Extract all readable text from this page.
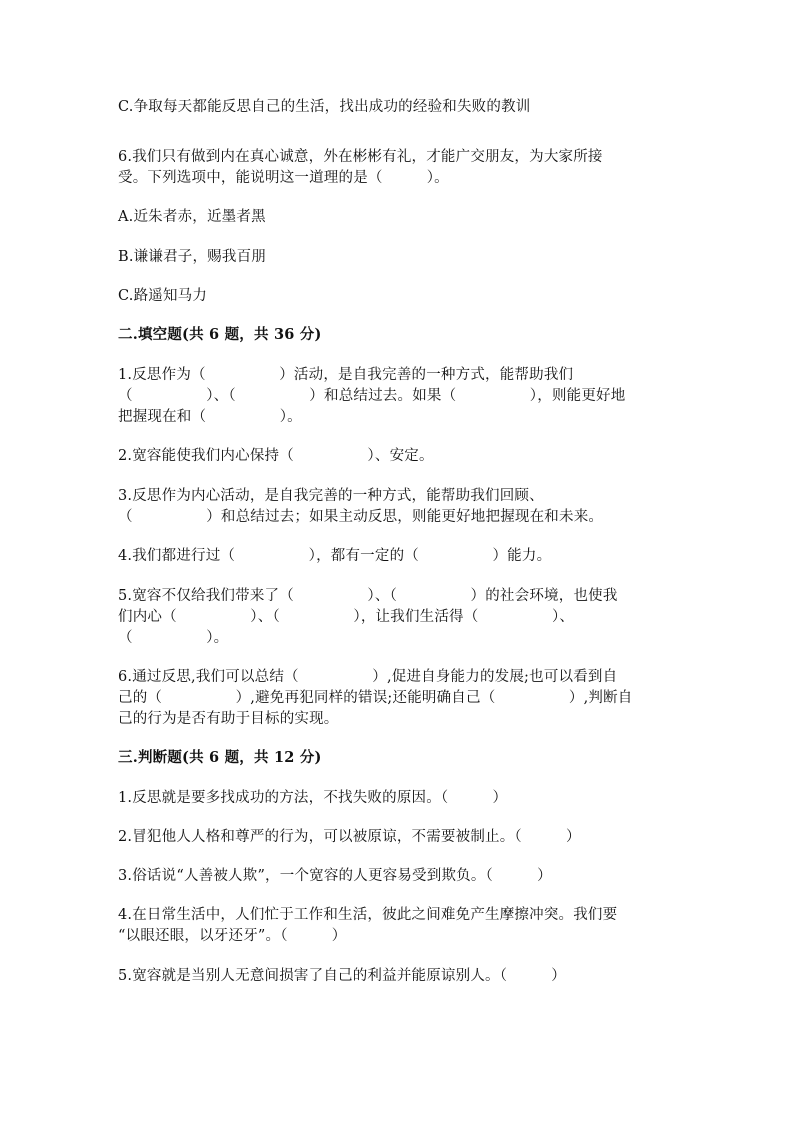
C.争取每天都能反思自己的生活，找出成功的经验和失败的教训
6.我们只有做到内在真心诚意，外在彬彬有礼，才能广交朋友，为大家所接
受。下列选项中，能说明这一道理的是（　　　）。
A.近朱者赤，近墨者黑
B.谦谦君子，赐我百朋
C.路遥知马力
二.填空题(共 6 题，共 36 分)
1.反思作为（　　　　　）活动，是自我完善的一种方式，能帮助我们
（　　　　　）、（　　　　　）和总结过去。如果（　　　　　），则能更好地
把握现在和（　　　　　）。
2.宽容能使我们内心保持（　　　　　）、安定。
3.反思作为内心活动，是自我完善的一种方式，能帮助我们回顾、
（　　　　　）和总结过去；如果主动反思，则能更好地把握现在和未来。
4.我们都进行过（　　　　　），都有一定的（　　　　　）能力。
5.宽容不仅给我们带来了（　　　　　）、（　　　　　）的社会环境，也使我
们内心（　　　　　）、（　　　　　），让我们生活得（　　　　　）、
（　　　　　）。
6.通过反思,我们可以总结（　　　　　）,促进自身能力的发展;也可以看到自
己的（　　　　　）,避免再犯同样的错误;还能明确自己（　　　　　）,判断自
己的行为是否有助于目标的实现。
三.判断题(共 6 题，共 12 分)
1.反思就是要多找成功的方法，不找失败的原因。（　　　）
2.冒犯他人人格和尊严的行为，可以被原谅，不需要被制止。（　　　）
3.俗话说“人善被人欺”，一个宽容的人更容易受到欺负。（　　　）
4.在日常生活中，人们忙于工作和生活，彼此之间难免产生摩擦冲突。我们要
“以眼还眼，以牙还牙”。（　　　）
5.宽容就是当别人无意间损害了自己的利益并能原谅别人。（　　　）
